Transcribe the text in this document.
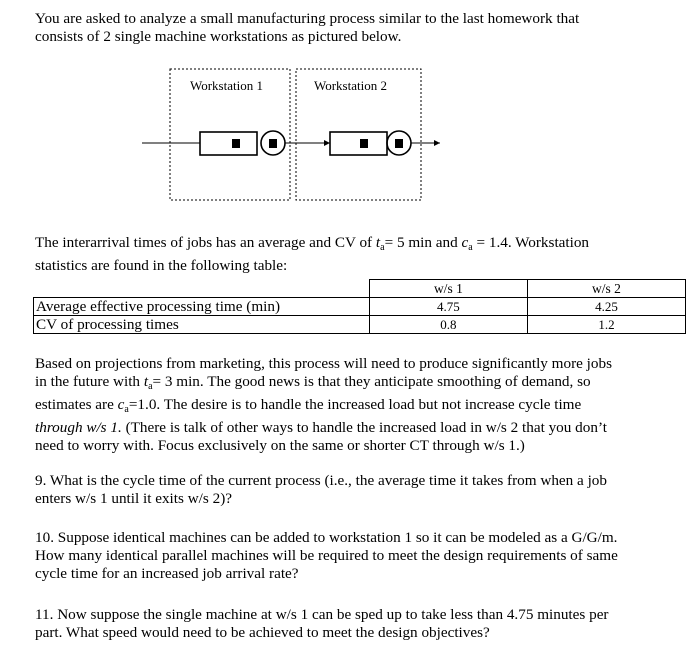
You are asked to analyze a small manufacturing process similar to the last homework that
consists of 2 single machine workstations as pictured below.
Workstation 1	Workstation 2
The interarrival times of jobs has an average and CV of $t_a= 5$ min and $c_a = 1.4$. Workstation
statistics are found in the following table:
	w/s 1	w/s 2
Average effective processing time (min)	4.75	4.25
CV of processing times	0.8	1.2
Based on projections from marketing, this process will need to produce significantly more jobs
in the future with $t_a= 3$ min. The good news is that they anticipate smoothing of demand, so
estimates are $c_a=1.0$. The desire is to handle the increased load but not increase cycle time
through w/s 1. (There is talk of other ways to handle the increased load in w/s 2 that you don’t
need to worry with. Focus exclusively on the same or shorter CT through w/s 1.)
9. What is the cycle time of the current process (i.e., the average time it takes from when a job
enters w/s 1 until it exits w/s 2)?
10. Suppose identical machines can be added to workstation 1 so it can be modeled as a G/G/m.
How many identical parallel machines will be required to meet the design requirements of same
cycle time for an increased job arrival rate?
11. Now suppose the single machine at w/s 1 can be sped up to take less than 4.75 minutes per
part. What speed would need to be achieved to meet the design objectives?
